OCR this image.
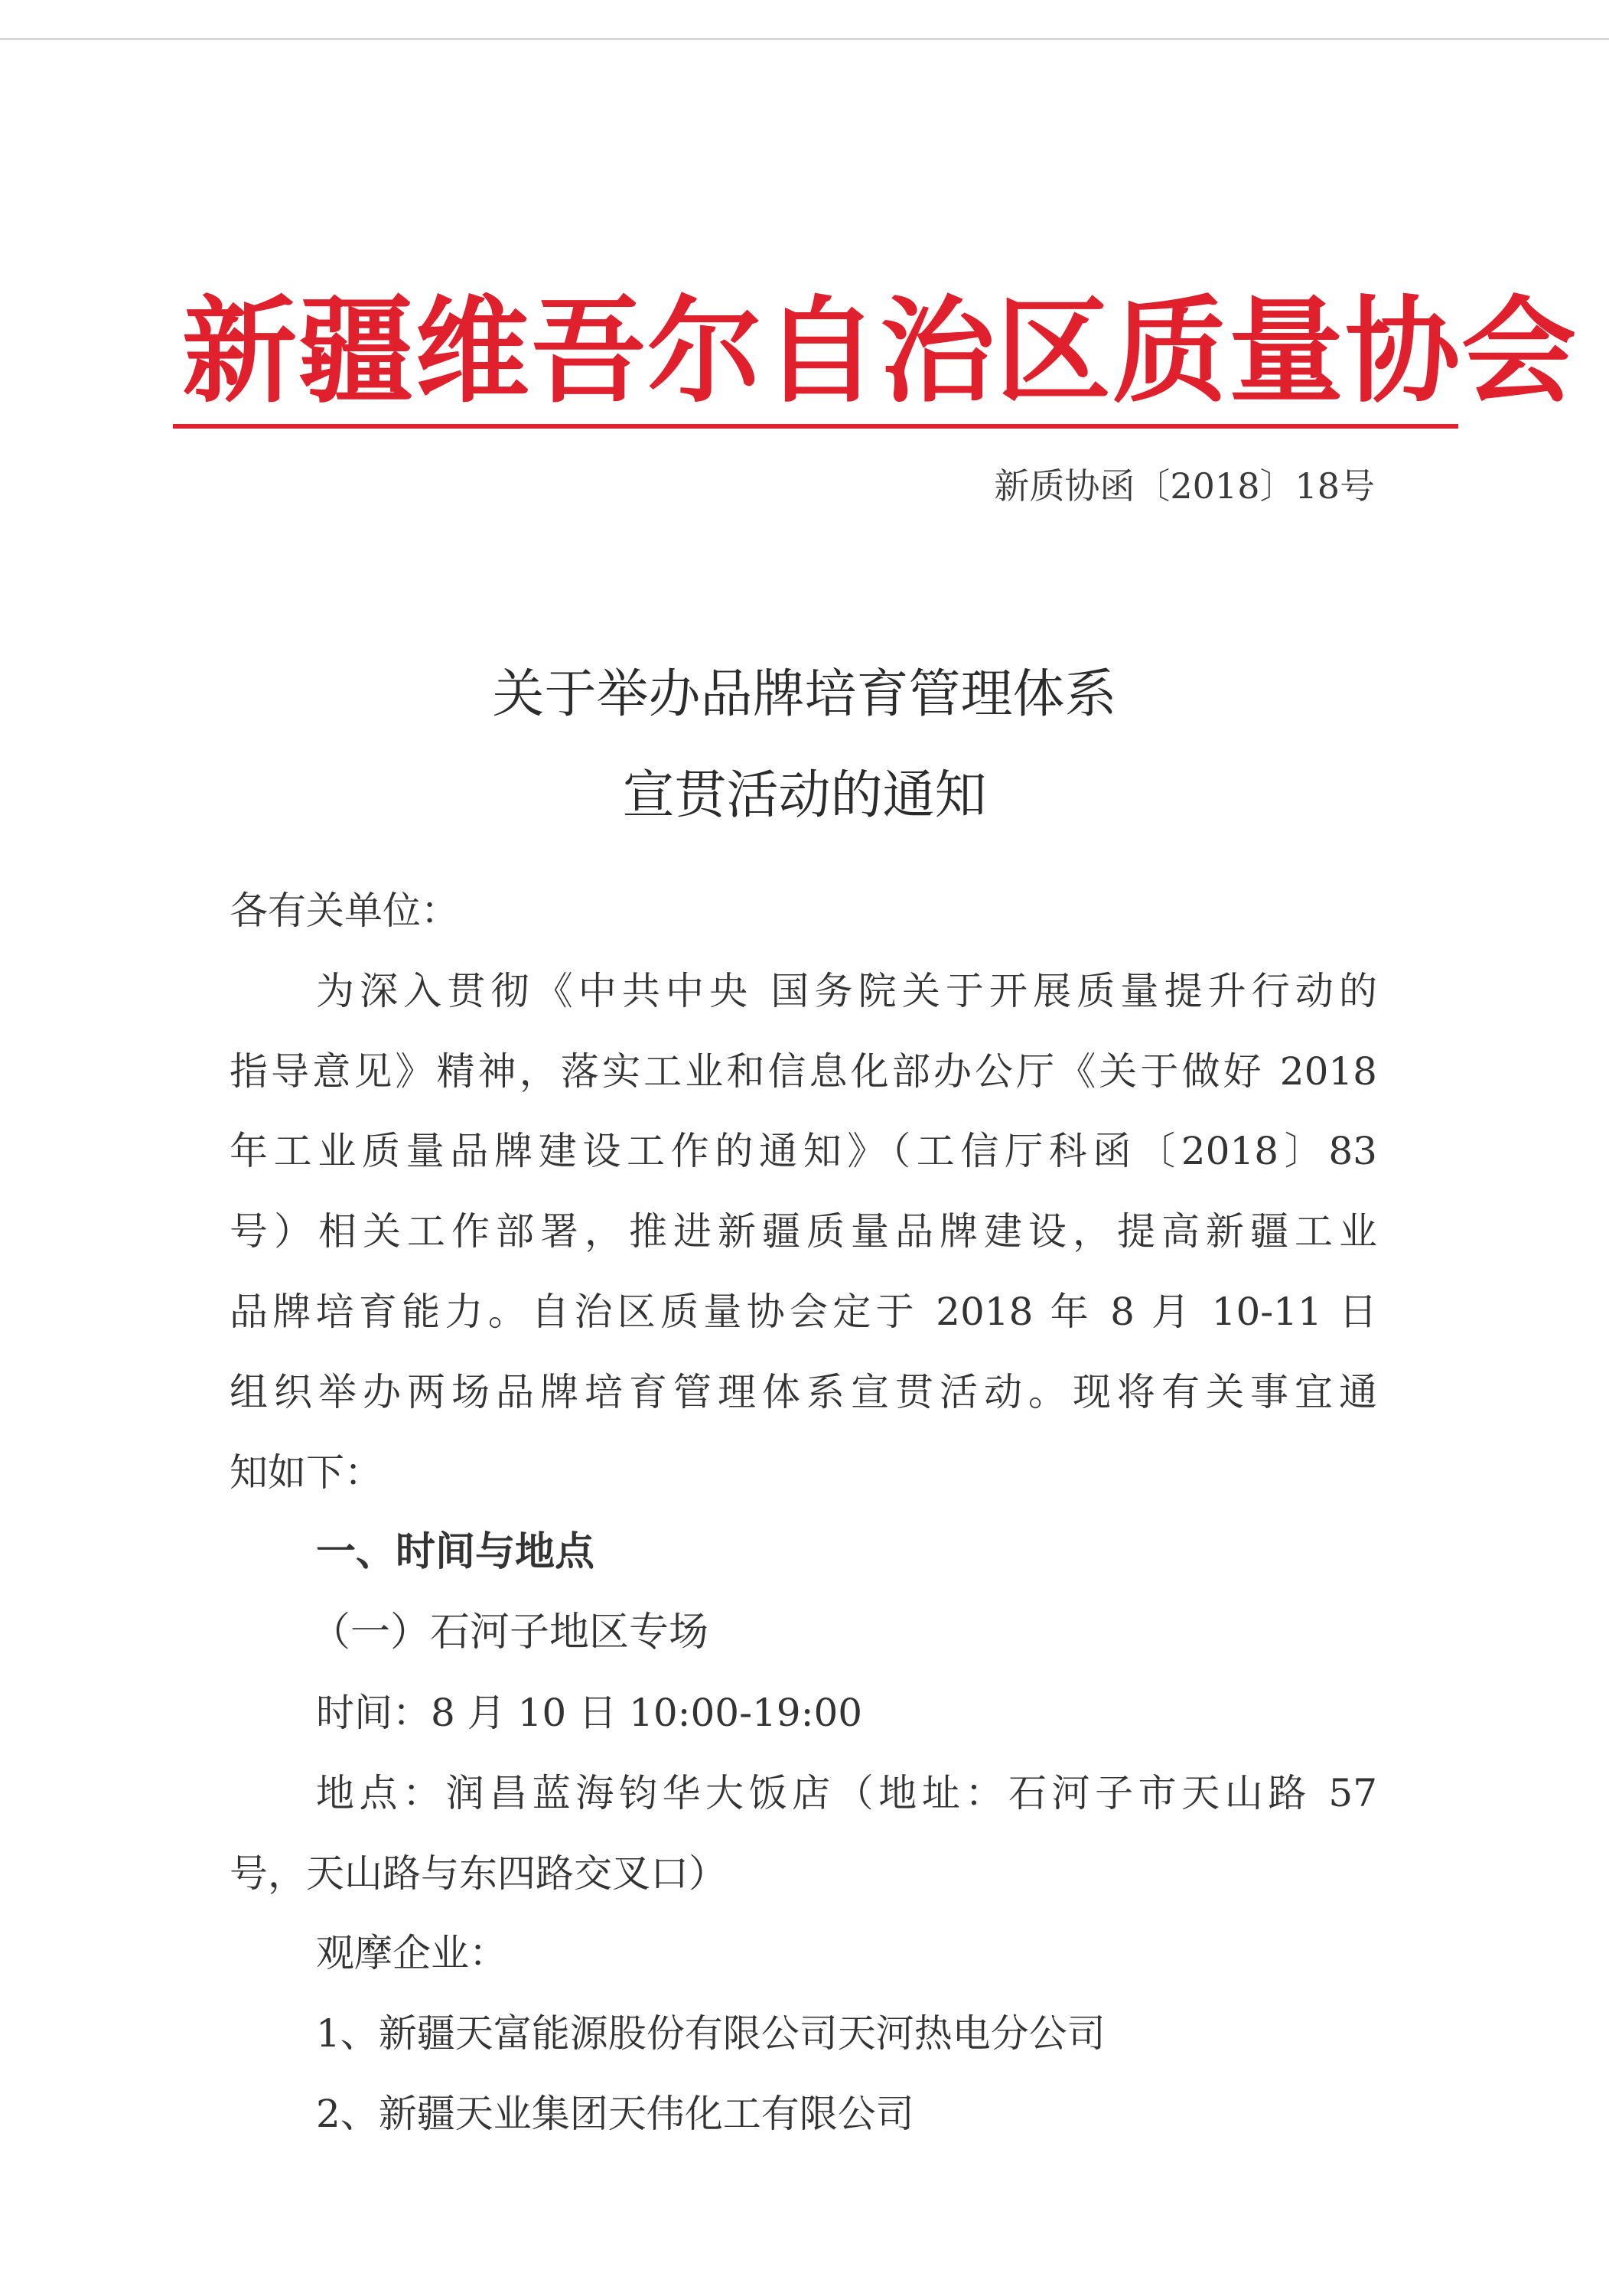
新疆维吾尔自治区质量协会
新质协函〔2018〕18号
关于举办品牌培育管理体系
宣贯活动的通知
各有关单位：
为深入贯彻《中共中央 国务院关于开展质量提升行动的
指导意见》精神，落实工业和信息化部办公厅《关于做好 2018
年工业质量品牌建设工作的通知》（工信厅科函〔2018〕83
号）相关工作部署，推进新疆质量品牌建设，提高新疆工业
品牌培育能力。自治区质量协会定于 2018 年 8 月 10-11 日
组织举办两场品牌培育管理体系宣贯活动。现将有关事宜通
知如下：
一、时间与地点
（一）石河子地区专场
时间：8 月 10 日 10:00-19:00
地点：润昌蓝海钧华大饭店（地址：石河子市天山路 57
号，天山路与东四路交叉口）
观摩企业：
1、新疆天富能源股份有限公司天河热电分公司
2、新疆天业集团天伟化工有限公司
